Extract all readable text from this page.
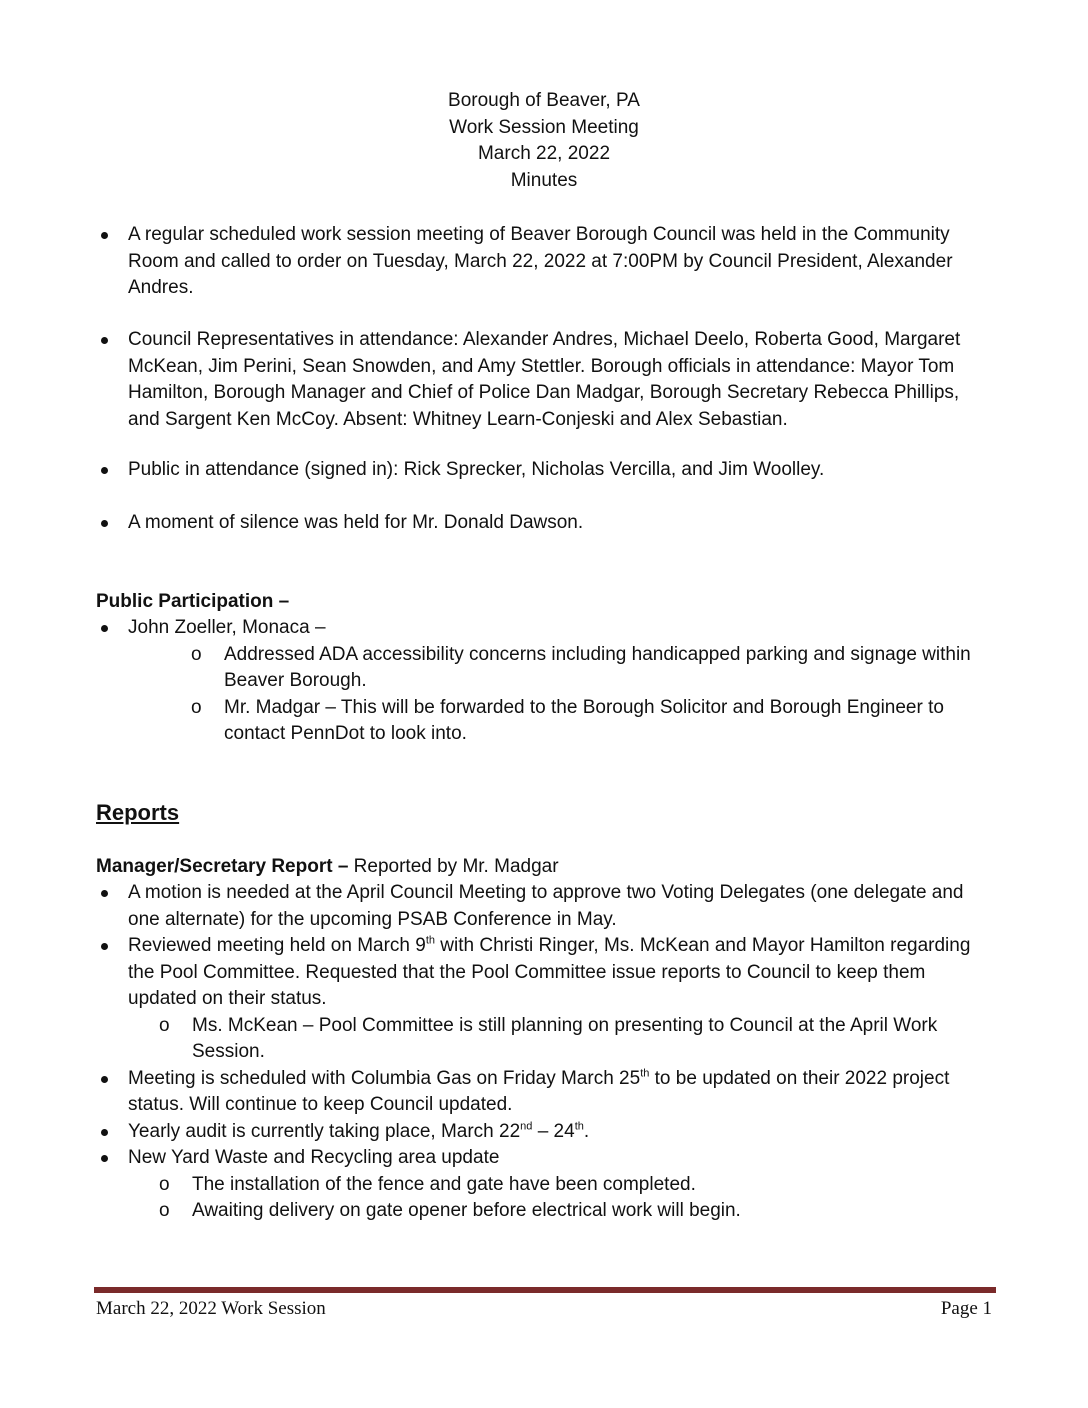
Borough of Beaver, PA
Work Session Meeting
March 22, 2022
Minutes

A regular scheduled work session meeting of Beaver Borough Council was held in the Community Room and called to order on Tuesday, March 22, 2022 at 7:00PM by Council President, Alexander Andres.

Council Representatives in attendance: Alexander Andres, Michael Deelo, Roberta Good, Margaret McKean, Jim Perini, Sean Snowden, and Amy Stettler. Borough officials in attendance: Mayor Tom Hamilton, Borough Manager and Chief of Police Dan Madgar, Borough Secretary Rebecca Phillips, and Sargent Ken McCoy. Absent: Whitney Learn-Conjeski and Alex Sebastian.

Public in attendance (signed in): Rick Sprecker, Nicholas Vercilla, and Jim Woolley.

A moment of silence was held for Mr. Donald Dawson.

Public Participation –

John Zoeller, Monaca –

o Addressed ADA accessibility concerns including handicapped parking and signage within Beaver Borough.

o Mr. Madgar – This will be forwarded to the Borough Solicitor and Borough Engineer to contact PennDot to look into.

Reports
Manager/Secretary Report – Reported by Mr. Madgar

A motion is needed at the April Council Meeting to approve two Voting Delegates (one delegate and one alternate) for the upcoming PSAB Conference in May.

Reviewed meeting held on March 9th with Christi Ringer, Ms. McKean and Mayor Hamilton regarding the Pool Committee. Requested that the Pool Committee issue reports to Council to keep them updated on their status.

o Ms. McKean – Pool Committee is still planning on presenting to Council at the April Work Session.

Meeting is scheduled with Columbia Gas on Friday March 25th to be updated on their 2022 project status. Will continue to keep Council updated.

Yearly audit is currently taking place, March 22nd – 24th.

New Yard Waste and Recycling area update

o The installation of the fence and gate have been completed.

o Awaiting delivery on gate opener before electrical work will begin.

March 22, 2022 Work Session	Page 1
